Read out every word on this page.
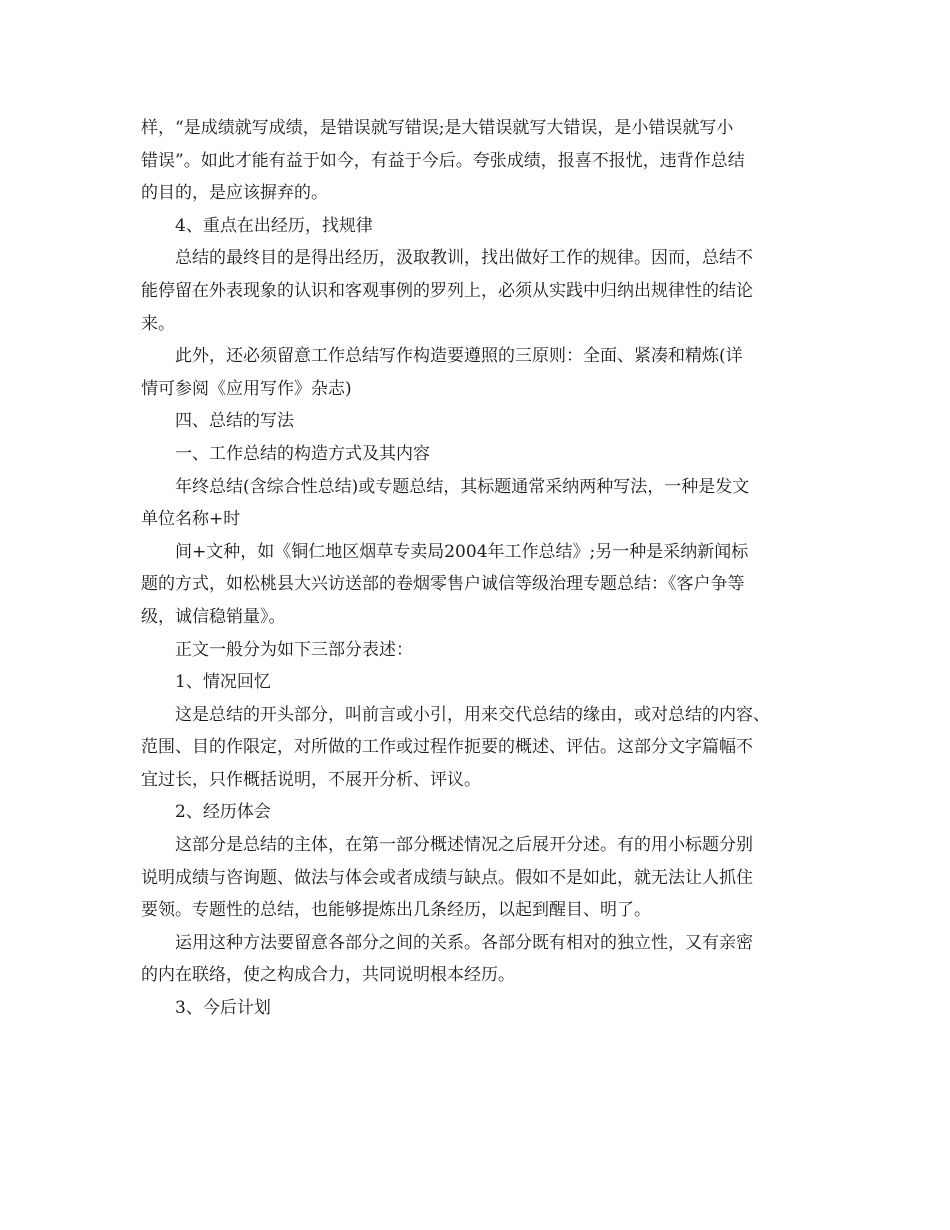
样，“是成绩就写成绩，是错误就写错误;是大错误就写大错误，是小错误就写小
错误”。如此才能有益于如今，有益于今后。夸张成绩，报喜不报忧，违背作总结
的目的，是应该摒弃的。
4、重点在出经历，找规律
总结的最终目的是得出经历，汲取教训，找出做好工作的规律。因而，总结不
能停留在外表现象的认识和客观事例的罗列上，必须从实践中归纳出规律性的结论
来。
此外，还必须留意工作总结写作构造要遵照的三原则：全面、紧凑和精炼(详
情可参阅《应用写作》杂志)
四、总结的写法
一、工作总结的构造方式及其内容
年终总结(含综合性总结)或专题总结，其标题通常采纳两种写法，一种是发文
单位名称+时
间+文种，如《铜仁地区烟草专卖局2004年工作总结》;另一种是采纳新闻标
题的方式，如松桃县大兴访送部的卷烟零售户诚信等级治理专题总结：《客户争等
级，诚信稳销量》。
正文一般分为如下三部分表述：
1、情况回忆
这是总结的开头部分，叫前言或小引，用来交代总结的缘由，或对总结的内容、
范围、目的作限定，对所做的工作或过程作扼要的概述、评估。这部分文字篇幅不
宜过长，只作概括说明，不展开分析、评议。
2、经历体会
这部分是总结的主体，在第一部分概述情况之后展开分述。有的用小标题分别
说明成绩与咨询题、做法与体会或者成绩与缺点。假如不是如此，就无法让人抓住
要领。专题性的总结，也能够提炼出几条经历，以起到醒目、明了。
运用这种方法要留意各部分之间的关系。各部分既有相对的独立性，又有亲密
的内在联络，使之构成合力，共同说明根本经历。
3、今后计划
